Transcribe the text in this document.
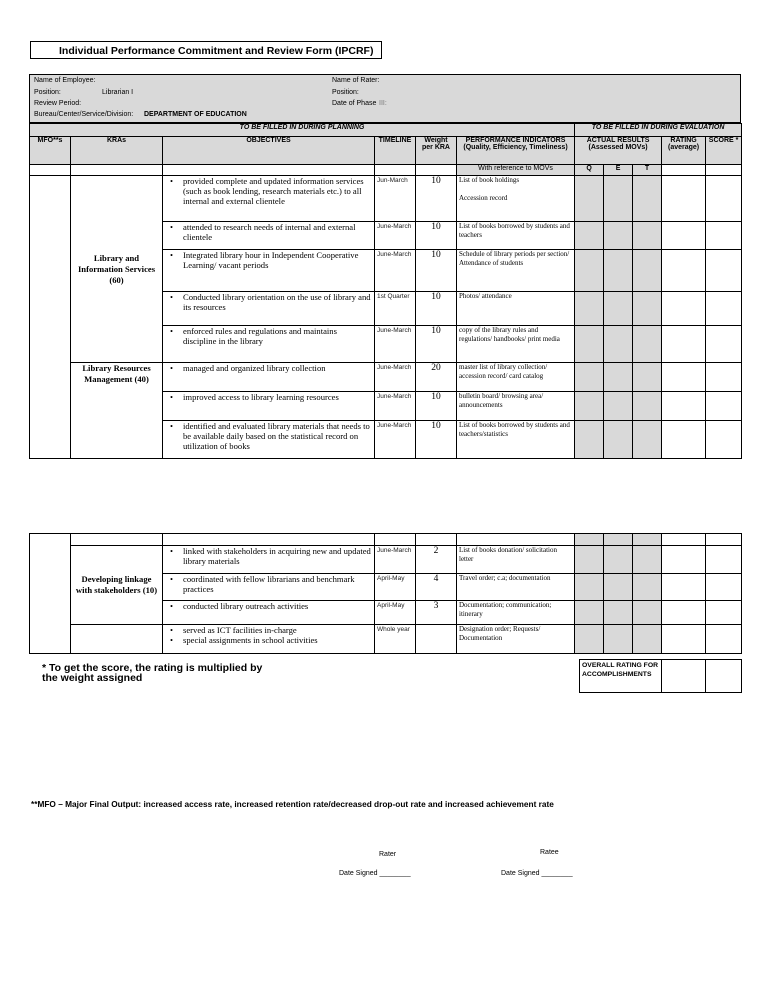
Individual Performance Commitment and Review Form (IPCRF)
Name of Employee:
Position:	Librarian I
Review Period:
Bureau/Center/Service/Division: DEPARTMENT OF EDUCATION
Name of Rater:
Position:
Date of Phase III:
TO BE FILLED IN DURING PLANNING						TO BE FILLED IN DURING EVALUATION				
MFO**s	KRAs	OBJECTIVES	TIMELINE	Weight per KRA	PERFORMANCE INDICATORS (Quality, Efficiency, Timeliness)	ACTUAL RESULTS (Assessed MOVs)			RATING (average)	SCORE *
					With reference to MOVs	Q	E	T		
	Library and Information Services (60)	• provided complete and updated information services (such as book lending, research materials etc.) to all internal and external clientele	Jun-March	10	List of book holdings

Accession record					

		• attended to research needs of internal and external clientele	June-March	10	List of books borrowed by students and teachers					

		• Integrated library hour in Independent Cooperative Learning/ vacant periods	June-March	10	Schedule of library periods per section/ Attendance of students					

		• Conducted library orientation on the use of library and its resources	1st Quarter	10	Photos/ attendance					

		• enforced rules and regulations and maintains discipline in the library	June-March	10	copy of the library rules and regulations/ handbooks/ print media					
	Library Resources Management (40)	• managed and organized library collection	June-March	20	master list of library collection/ accession record/ card catalog					

		• improved access to library learning resources	June-March	10	bulletin board/ browsing area/ announcements					

		• identified and evaluated library materials that needs to be available daily based on the statistical record on utilization of books	June-March	10	List of books borrowed by students and teachers/statistics					

	Developing linkage with stakeholders (10)	• linked with stakeholders in acquiring new and updated library materials	June-March	2	List of books donation/ solicitation letter					

		• coordinated with fellow librarians and benchmark practices	April-May	4	Travel order; c.a; documentation					

		• conducted library outreach activities	April-May	3	Documentation; communication; itinerary					

		• served as ICT facilities in-charge
• special assignments in school activities	Whole year		Designation order; Requests/ Documentation					
* To get the score, the rating is multiplied by
the weight assigned
OVERALL RATING FOR ACCOMPLISHMENTS		
**MFO – Major Final Output: increased access rate, increased retention rate/decreased drop-out rate and increased achievement rate
Rater	Ratee
Date Signed ________	Date Signed ________
